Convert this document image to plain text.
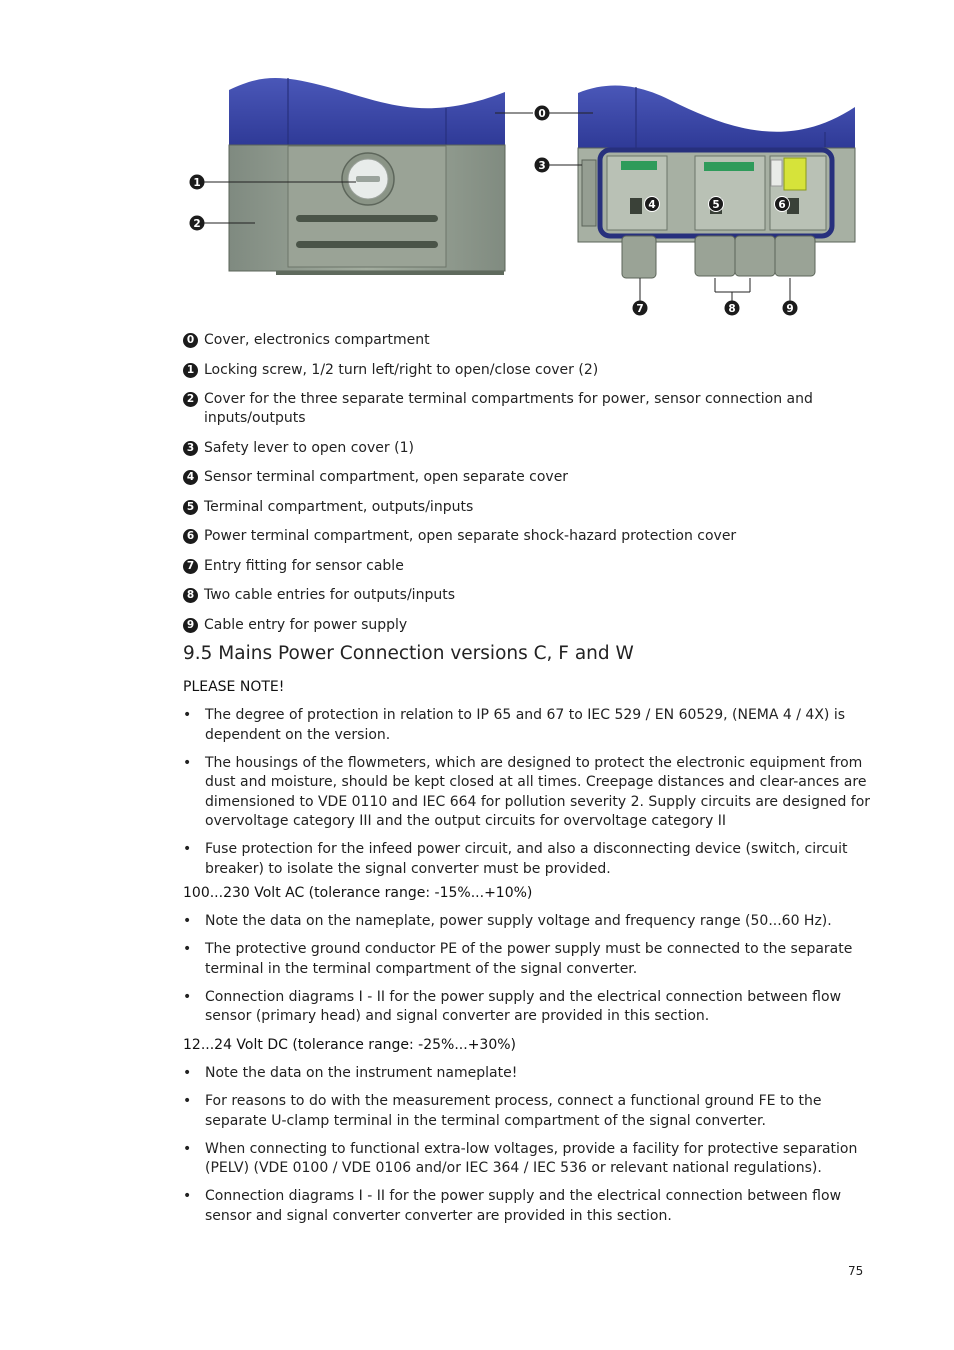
0
1
2
3
4	5	6
7	8	9
0 Cover, electronics compartment
1 Locking screw, 1/2 turn left/right to open/close cover (2)
2 Cover for the three separate terminal compartments for power, sensor connection and inputs/outputs
3 Safety lever to open cover (1)
4 Sensor terminal compartment, open separate cover
5 Terminal compartment, outputs/inputs
6 Power terminal compartment, open separate shock-hazard protection cover
7 Entry fitting for sensor cable
8 Two cable entries for outputs/inputs
9 Cable entry for power supply
9.5 Mains Power Connection versions C, F and W

PLEASE NOTE!

• The degree of protection in relation to IP 65 and 67 to IEC 529 / EN 60529, (NEMA 4 / 4X) is dependent on the version.
• The housings of the flowmeters, which are designed to protect the electronic equipment from dust and moisture, should be kept closed at all times. Creepage distances and clear-ances are dimensioned to VDE 0110 and IEC 664 for pollution severity 2. Supply circuits are designed for overvoltage category III and the output circuits for overvoltage category II
• Fuse protection for the infeed power circuit, and also a disconnecting device (switch, circuit breaker) to isolate the signal converter must be provided.

100...230 Volt AC (tolerance range: -15%...+10%)

• Note the data on the nameplate, power supply voltage and frequency range (50...60 Hz).
• The protective ground conductor PE of the power supply must be connected to the separate terminal in the terminal compartment of the signal converter.
• Connection diagrams I - II for the power supply and the electrical connection between flow sensor (primary head) and signal converter are provided in this section.

12...24 Volt DC (tolerance range: -25%...+30%)

• Note the data on the instrument nameplate!
• For reasons to do with the measurement process, connect a functional ground FE to the separate U-clamp terminal in the terminal compartment of the signal converter.
• When connecting to functional extra-low voltages, provide a facility for protective separation (PELV) (VDE 0100 / VDE 0106 and/or IEC 364 / IEC 536 or relevant national regulations).
• Connection diagrams I - II for the power supply and the electrical connection between flow sensor and signal converter converter are provided in this section.
75
